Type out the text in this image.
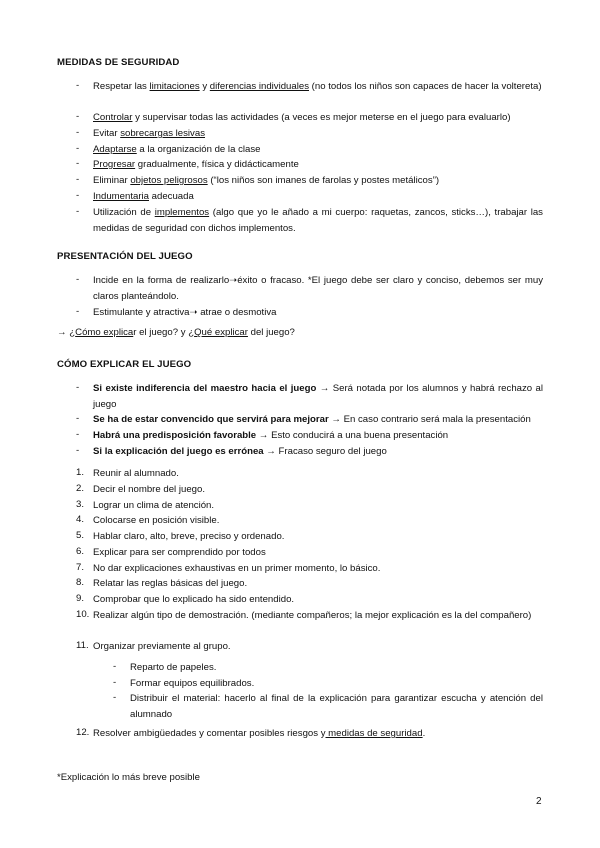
MEDIDAS DE SEGURIDAD
- Respetar las limitaciones y diferencias individuales (no todos los niños son capaces de hacer la voltereta)
- Controlar y supervisar todas las actividades (a veces es mejor meterse en el juego para evaluarlo)
- Evitar sobrecargas lesivas
- Adaptarse a la organización de la clase
- Progresar gradualmente, física y didácticamente
- Eliminar objetos peligrosos (“los niños son imanes de farolas y postes metálicos”)
- Indumentaria adecuada
- Utilización de implementos (algo que yo le añado a mi cuerpo: raquetas, zancos, sticks…), trabajar las medidas de seguridad con dichos implementos.
PRESENTACIÓN DEL JUEGO
- Incide en la forma de realizarlo➝éxito o fracaso. *El juego debe ser claro y conciso, debemos ser muy claros planteándolo.
- Estimulante y atractiva➝ atrae o desmotiva
→ ¿Cómo explicar el juego? y ¿Qué explicar del juego?
CÓMO EXPLICAR EL JUEGO
- Si existe indiferencia del maestro hacia el juego → Será notada por los alumnos y habrá rechazo al juego
- Se ha de estar convencido que servirá para mejorar → En caso contrario será mala la presentación
- Habrá una predisposición favorable → Esto conducirá a una buena presentación
- Si la explicación del juego es errónea → Fracaso seguro del juego
1. Reunir al alumnado.
2. Decir el nombre del juego.
3. Lograr un clima de atención.
4. Colocarse en posición visible.
5. Hablar claro, alto, breve, preciso y ordenado.
6. Explicar para ser comprendido por todos
7. No dar explicaciones exhaustivas en un primer momento, lo básico.
8. Relatar las reglas básicas del juego.
9. Comprobar que lo explicado ha sido entendido.
10. Realizar algún tipo de demostración. (mediante compañeros; la mejor explicación es la del compañero)
11. Organizar previamente al grupo.
- Reparto de papeles.
- Formar equipos equilibrados.
- Distribuir el material: hacerlo al final de la explicación para garantizar escucha y atención del alumnado
12. Resolver ambigüedades y comentar posibles riesgos y medidas de seguridad.
*Explicación lo más breve posible
2
